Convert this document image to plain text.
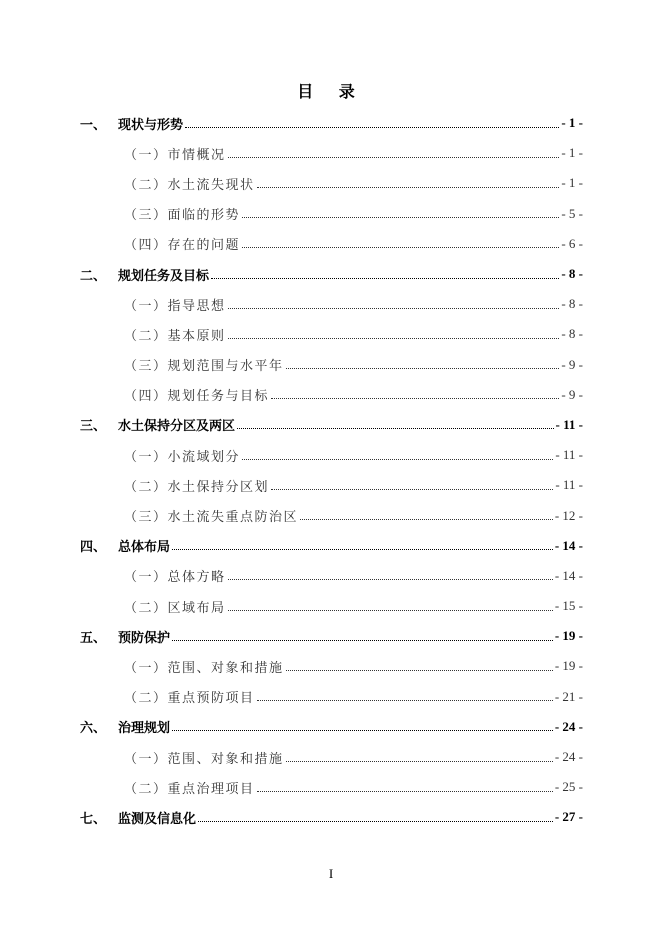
目 录
一、 现状与形势	- 1 -
（一）市情概况	- 1 -
（二）水土流失现状	- 1 -
（三）面临的形势	- 5 -
（四）存在的问题	- 6 -
二、 规划任务及目标	- 8 -
（一）指导思想	- 8 -
（二）基本原则	- 8 -
（三）规划范围与水平年	- 9 -
（四）规划任务与目标	- 9 -
三、 水土保持分区及两区	- 11 -
（一）小流域划分	- 11 -
（二）水土保持分区划	- 11 -
（三）水土流失重点防治区	- 12 -
四、 总体布局	- 14 -
（一）总体方略	- 14 -
（二）区域布局	- 15 -
五、 预防保护	- 19 -
（一）范围、对象和措施	- 19 -
（二）重点预防项目	- 21 -
六、 治理规划	- 24 -
（一）范围、对象和措施	- 24 -
（二）重点治理项目	- 25 -
七、 监测及信息化	- 27 -
I
